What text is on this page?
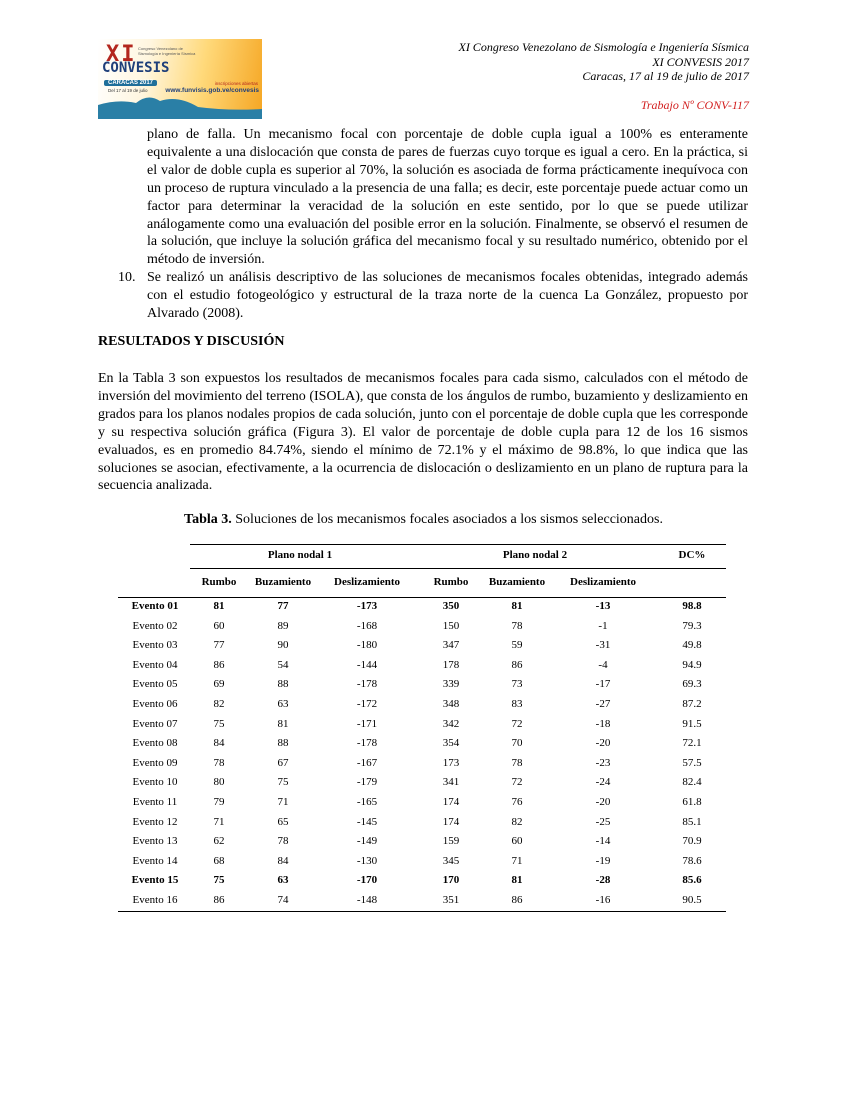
XI Congreso Venezolano de Sismología e Ingeniería Sísmica
CONVESIS
CARACAS 2017
Del 17 al 19 de julio
inscripciones abiertas
www.funvisis.gob.ve/convesis
XI Congreso Venezolano de Sismología e Ingeniería Sísmica
XI CONVESIS 2017
Caracas, 17 al 19 de julio de 2017
Trabajo Nº CONV-117

plano de falla. Un mecanismo focal con porcentaje de doble cupla igual a 100% es enteramente equivalente a una dislocación que consta de pares de fuerzas cuyo torque es igual a cero. En la práctica, si el valor de doble cupla es superior al 70%, la solución es asociada de forma prácticamente inequívoca con un proceso de ruptura vinculado a la presencia de una falla; es decir, este porcentaje puede actuar como un factor para determinar la veracidad de la solución en este sentido, por lo que se puede utilizar análogamente como una evaluación del posible error en la solución. Finalmente, se observó el resumen de la solución, que incluye la solución gráfica del mecanismo focal y su resultado numérico, obtenido por el método de inversión.

10. Se realizó un análisis descriptivo de las soluciones de mecanismos focales obtenidas, integrado además con el estudio fotogeológico y estructural de la traza norte de la cuenca La González, propuesto por Alvarado (2008).

RESULTADOS Y DISCUSIÓN

En la Tabla 3 son expuestos los resultados de mecanismos focales para cada sismo, calculados con el método de inversión del movimiento del terreno (ISOLA), que consta de los ángulos de rumbo, buzamiento y deslizamiento en grados para los planos nodales propios de cada solución, junto con el porcentaje de doble cupla que les corresponde y su respectiva solución gráfica (Figura 3). El valor de porcentaje de doble cupla para 12 de los 16 sismos evaluados, es en promedio 84.74%, siendo el mínimo de 72.1% y el máximo de 98.8%, lo que indica que las soluciones se asocian, efectivamente, a la ocurrencia de dislocación o deslizamiento en un plano de ruptura para la secuencia analizada.

Tabla 3. Soluciones de los mecanismos focales asociados a los sismos seleccionados.

Plano nodal 1	Plano nodal 2	DC%
Rumbo	Buzamiento	Deslizamiento	Rumbo	Buzamiento	Deslizamiento
Evento 01	81	77	-173	350	81	-13	98.8
Evento 02	60	89	-168	150	78	-1	79.3
Evento 03	77	90	-180	347	59	-31	49.8
Evento 04	86	54	-144	178	86	-4	94.9
Evento 05	69	88	-178	339	73	-17	69.3
Evento 06	82	63	-172	348	83	-27	87.2
Evento 07	75	81	-171	342	72	-18	91.5
Evento 08	84	88	-178	354	70	-20	72.1
Evento 09	78	67	-167	173	78	-23	57.5
Evento 10	80	75	-179	341	72	-24	82.4
Evento 11	79	71	-165	174	76	-20	61.8
Evento 12	71	65	-145	174	82	-25	85.1
Evento 13	62	78	-149	159	60	-14	70.9
Evento 14	68	84	-130	345	71	-19	78.6
Evento 15	75	63	-170	170	81	-28	85.6
Evento 16	86	74	-148	351	86	-16	90.5
